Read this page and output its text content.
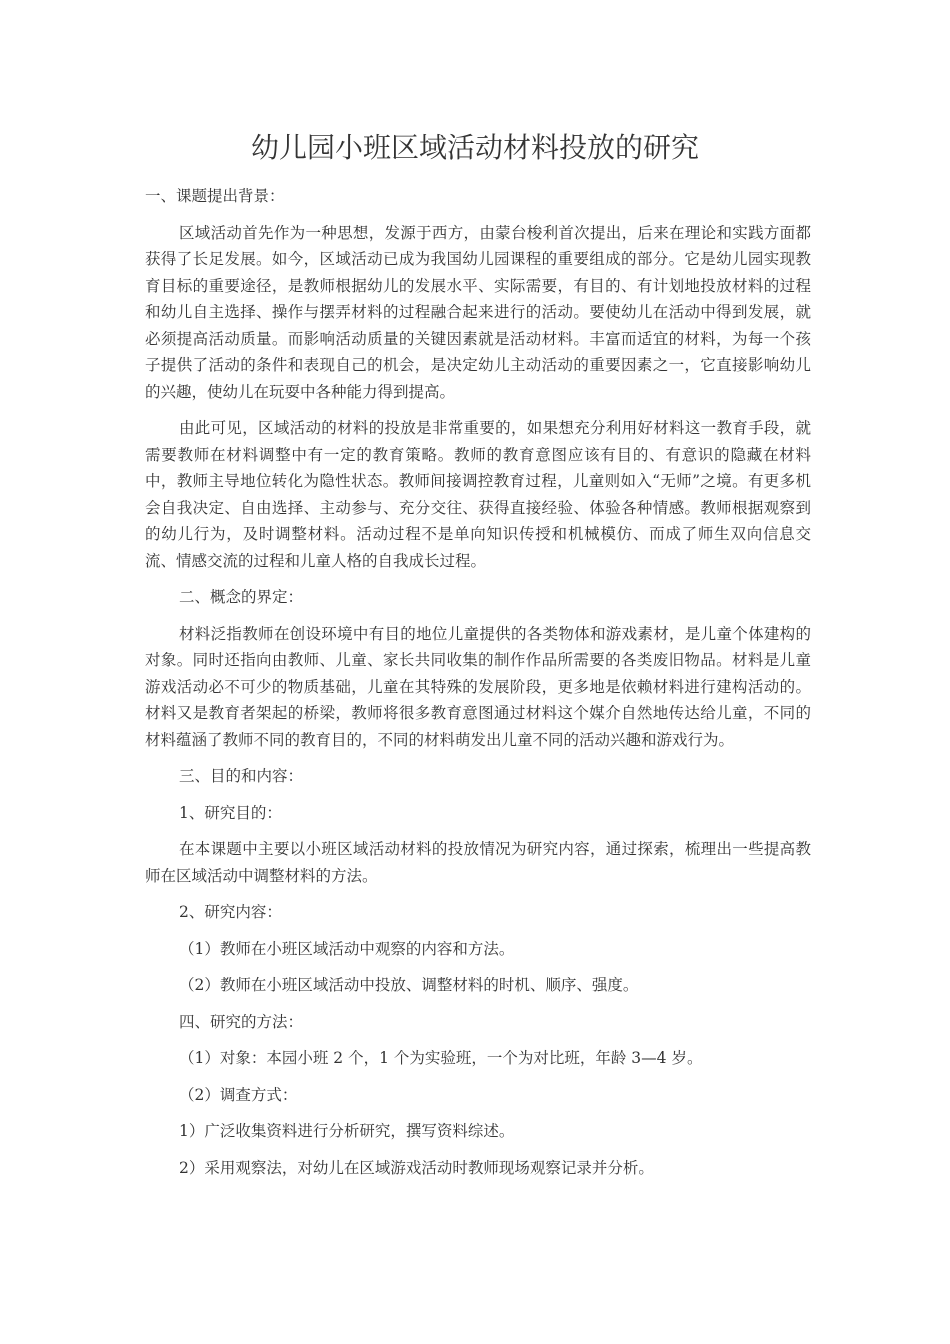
幼儿园小班区域活动材料投放的研究

一、课题提出背景：

区域活动首先作为一种思想，发源于西方，由蒙台梭利首次提出，后来在理论和实践方面都获得了长足发展。如今，区域活动已成为我国幼儿园课程的重要组成的部分。它是幼儿园实现教育目标的重要途径，是教师根据幼儿的发展水平、实际需要，有目的、有计划地投放材料的过程和幼儿自主选择、操作与摆弄材料的过程融合起来进行的活动。要使幼儿在活动中得到发展，就必须提高活动质量。而影响活动质量的关键因素就是活动材料。丰富而适宜的材料，为每一个孩子提供了活动的条件和表现自己的机会，是决定幼儿主动活动的重要因素之一，它直接影响幼儿的兴趣，使幼儿在玩耍中各种能力得到提高。

由此可见，区域活动的材料的投放是非常重要的，如果想充分利用好材料这一教育手段，就需要教师在材料调整中有一定的教育策略。教师的教育意图应该有目的、有意识的隐藏在材料中，教师主导地位转化为隐性状态。教师间接调控教育过程，儿童则如入“无师”之境。有更多机会自我决定、自由选择、主动参与、充分交往、获得直接经验、体验各种情感。教师根据观察到的幼儿行为，及时调整材料。活动过程不是单向知识传授和机械模仿、而成了师生双向信息交流、情感交流的过程和儿童人格的自我成长过程。

二、概念的界定：

材料泛指教师在创设环境中有目的地位儿童提供的各类物体和游戏素材，是儿童个体建构的对象。同时还指向由教师、儿童、家长共同收集的制作作品所需要的各类废旧物品。材料是儿童游戏活动必不可少的物质基础，儿童在其特殊的发展阶段，更多地是依赖材料进行建构活动的。材料又是教育者架起的桥梁，教师将很多教育意图通过材料这个媒介自然地传达给儿童，不同的材料蕴涵了教师不同的教育目的，不同的材料萌发出儿童不同的活动兴趣和游戏行为。

三、目的和内容：

1、研究目的：

在本课题中主要以小班区域活动材料的投放情况为研究内容，通过探索，梳理出一些提高教师在区域活动中调整材料的方法。

2、研究内容：

（1）教师在小班区域活动中观察的内容和方法。

（2）教师在小班区域活动中投放、调整材料的时机、顺序、强度。

四、研究的方法：

（1）对象：本园小班 2 个，1 个为实验班，一个为对比班，年龄 3—4 岁。

（2）调查方式：

1）广泛收集资料进行分析研究，撰写资料综述。

2）采用观察法，对幼儿在区域游戏活动时教师现场观察记录并分析。
